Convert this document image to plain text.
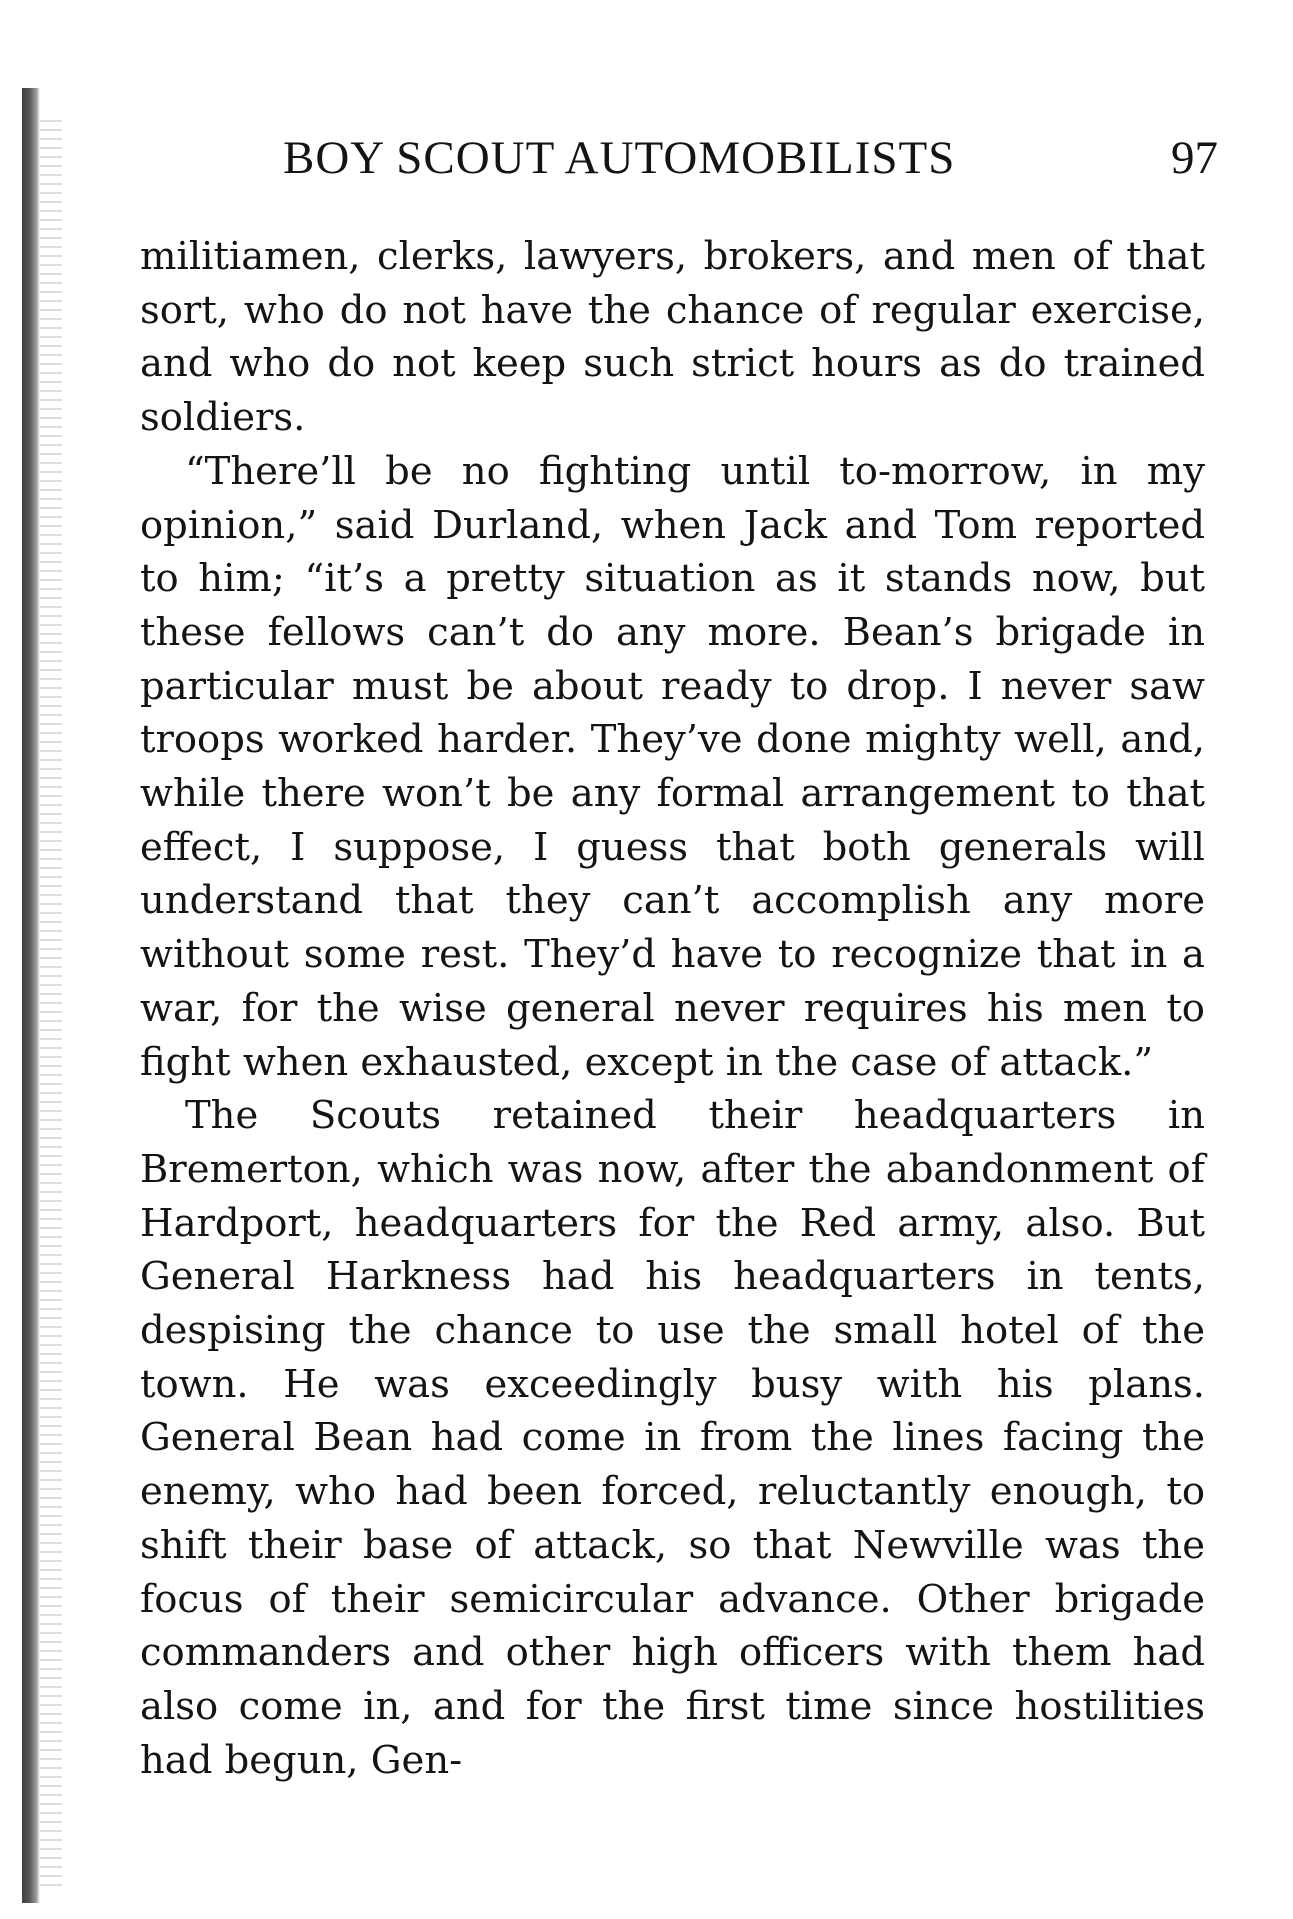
BOY SCOUT AUTOMOBILISTS	97

militiamen, clerks, lawyers, brokers, and men of that sort, who do not have the chance of regular exercise, and who do not keep such strict hours as do trained soldiers.

“There’ll be no fighting until to-morrow, in my opinion,” said Durland, when Jack and Tom reported to him; “it’s a pretty situation as it stands now, but these fellows can’t do any more. Bean’s brigade in particular must be about ready to drop. I never saw troops worked harder. They’ve done mighty well, and, while there won’t be any formal arrangement to that effect, I suppose, I guess that both generals will understand that they can’t accomplish any more without some rest. They’d have to recognize that in a war, for the wise general never requires his men to fight when exhausted, except in the case of attack.”

The Scouts retained their headquarters in Bremerton, which was now, after the abandonment of Hardport, headquarters for the Red army, also. But General Harkness had his headquarters in tents, despising the chance to use the small hotel of the town. He was exceedingly busy with his plans. General Bean had come in from the lines facing the enemy, who had been forced, reluctantly enough, to shift their base of attack, so that Newville was the focus of their semicircular advance. Other brigade commanders and other high officers with them had also come in, and for the first time since hostilities had begun, Gen-
